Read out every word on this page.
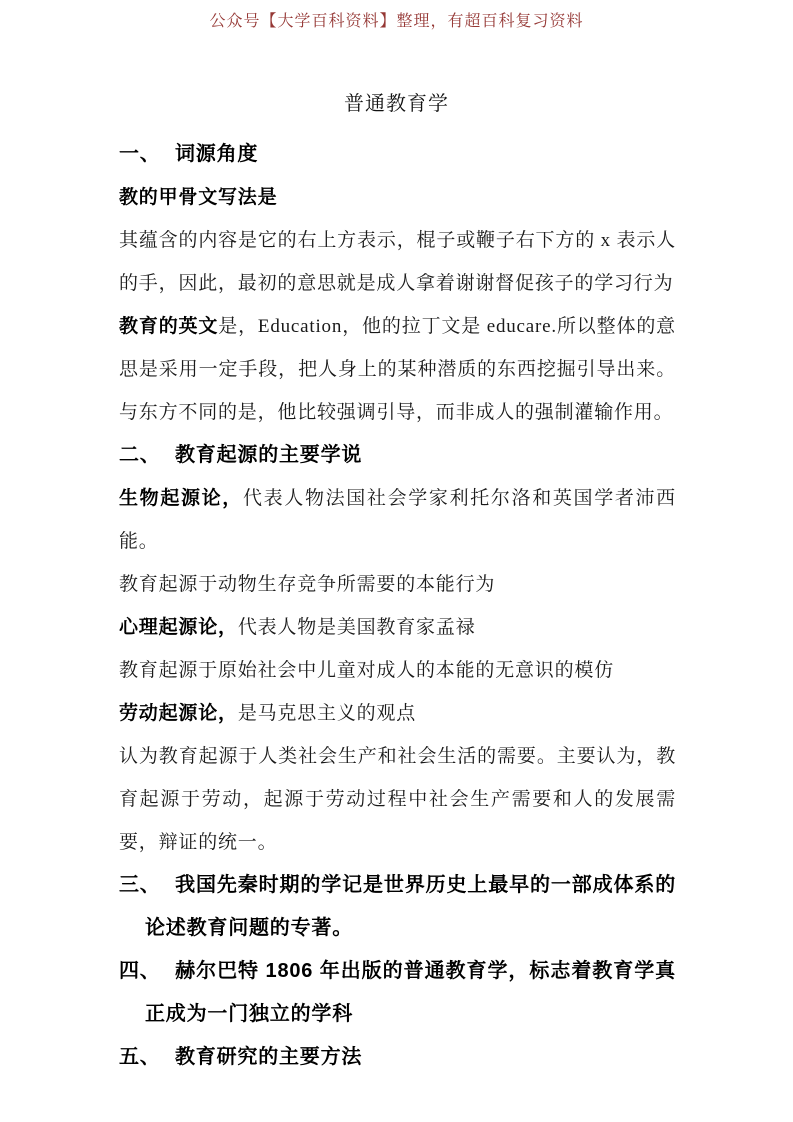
公众号【大学百科资料】整理，有超百科复习资料
普通教育学

一、 词源角度

教的甲骨文写法是

其蕴含的内容是它的右上方表示，棍子或鞭子右下方的 x 表示人的手，因此，最初的意思就是成人拿着谢谢督促孩子的学习行为

教育的英文是，Education，他的拉丁文是 educare.所以整体的意思是采用一定手段，把人身上的某种潜质的东西挖掘引导出来。与东方不同的是，他比较强调引导，而非成人的强制灌输作用。

二、 教育起源的主要学说

生物起源论，代表人物法国社会学家利托尔洛和英国学者沛西能。

教育起源于动物生存竞争所需要的本能行为

心理起源论，代表人物是美国教育家孟禄

教育起源于原始社会中儿童对成人的本能的无意识的模仿

劳动起源论，是马克思主义的观点

认为教育起源于人类社会生产和社会生活的需要。主要认为，教育起源于劳动，起源于劳动过程中社会生产需要和人的发展需要，辩证的统一。

三、 我国先秦时期的学记是世界历史上最早的一部成体系的论述教育问题的专著。

四、 赫尔巴特 1806 年出版的普通教育学，标志着教育学真正成为一门独立的学科

五、 教育研究的主要方法
